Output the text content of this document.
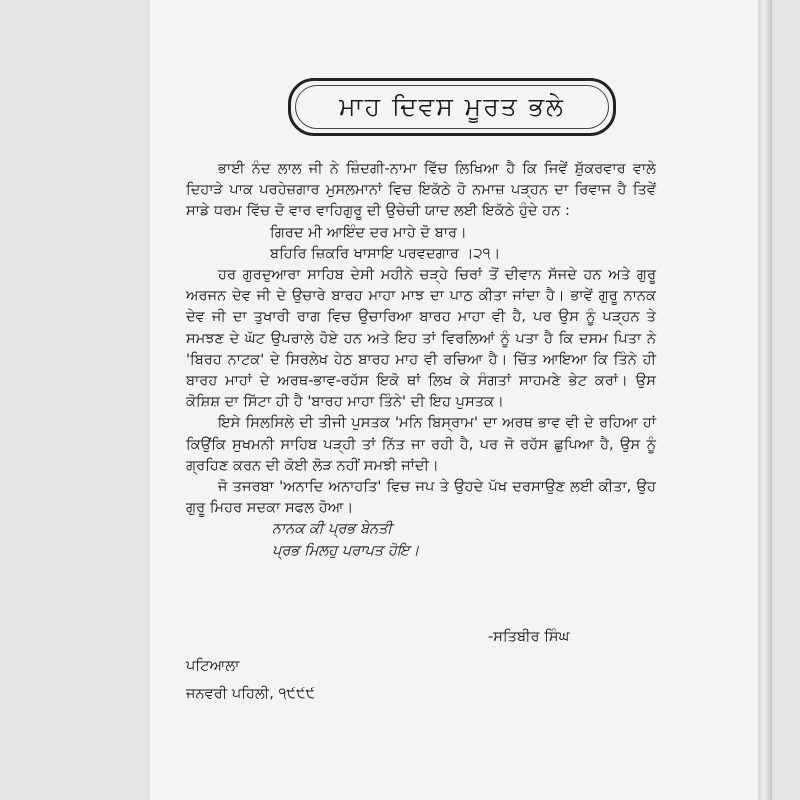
ਮਾਹ ਦਿਵਸ ਮੂਰਤ ਭਲੇ

ਭਾਈ ਨੰਦ ਲਾਲ ਜੀ ਨੇ ਜ਼ਿੰਦਗੀ-ਨਾਮਾ ਵਿੱਚ ਲਿਖਿਆ ਹੈ ਕਿ ਜਿਵੇਂ ਸ਼ੁੱਕਰਵਾਰ ਵਾਲੇ ਦਿਹਾੜੇ ਪਾਕ ਪਰਹੇਜ਼ਗਾਰ ਮੁਸਲਮਾਨਾਂ ਵਿਚ ਇਕੱਠੇ ਹੋ ਨਮਾਜ਼ ਪੜ੍ਹਨ ਦਾ ਰਿਵਾਜ ਹੈ ਤਿਵੇਂ ਸਾਡੇ ਧਰਮ ਵਿੱਚ ਦੋ ਵਾਰ ਵਾਹਿਗੁਰੂ ਦੀ ਉਚੇਚੀ ਯਾਦ ਲਈ ਇਕੱਠੇ ਹੁੰਦੇ ਹਨ :

ਗਿਰਦ ਮੀ ਆਇੰਦ ਦਰ ਮਾਹੇ ਦੋ ਬਾਰ।

ਬਹਿਰਿ ਜ਼ਿਕਰਿ ਖਾਸਾਇ ਪਰਵਦਗਾਰ ।੨੧।

ਹਰ ਗੁਰਦੁਆਰਾ ਸਾਹਿਬ ਦੇਸੀ ਮਹੀਨੇ ਚੜ੍ਹੇ ਚਿਰਾਂ ਤੋਂ ਦੀਵਾਨ ਸੱਜਦੇ ਹਨ ਅਤੇ ਗੁਰੂ ਅਰਜਨ ਦੇਵ ਜੀ ਦੇ ਉਚਾਰੇ ਬਾਰਹ ਮਾਹਾ ਮਾਝ ਦਾ ਪਾਠ ਕੀਤਾ ਜਾਂਦਾ ਹੈ। ਭਾਵੇਂ ਗੁਰੂ ਨਾਨਕ ਦੇਵ ਜੀ ਦਾ ਤੁਖਾਰੀ ਰਾਗ ਵਿਚ ਉਚਾਰਿਆ ਬਾਰਹ ਮਾਹਾ ਵੀ ਹੈ, ਪਰ ਉਸ ਨੂੰ ਪੜ੍ਹਨ ਤੇ ਸਮਝਣ ਦੇ ਘੱਟ ਉਪਰਾਲੇ ਹੋਏ ਹਨ ਅਤੇ ਇਹ ਤਾਂ ਵਿਰਲਿਆਂ ਨੂੰ ਪਤਾ ਹੈ ਕਿ ਦਸਮ ਪਿਤਾ ਨੇ 'ਬਿਰਹ ਨਾਟਕ' ਦੇ ਸਿਰਲੇਖ ਹੇਠ ਬਾਰਹ ਮਾਹ ਵੀ ਰਚਿਆ ਹੈ। ਚਿੱਤ ਆਇਆ ਕਿ ਤਿੰਨੇ ਹੀ ਬਾਰਹ ਮਾਹਾਂ ਦੇ ਅਰਥ-ਭਾਵ-ਰਹੱਸ ਇਕੋ ਥਾਂ ਲਿਖ ਕੇ ਸੰਗਤਾਂ ਸਾਹਮਣੇ ਭੇਟ ਕਰਾਂ। ਉਸ ਕੋਸ਼ਿਸ਼ ਦਾ ਸਿੱਟਾ ਹੀ ਹੈ 'ਬਾਰਹ ਮਾਹਾ ਤਿੰਨੇ' ਦੀ ਇਹ ਪੁਸਤਕ।

ਇਸੇ ਸਿਲਸਿਲੇ ਦੀ ਤੀਜੀ ਪੁਸਤਕ 'ਮਨਿ ਬਿਸ੍ਰਾਮ' ਦਾ ਅਰਥ ਭਾਵ ਵੀ ਦੇ ਰਹਿਆ ਹਾਂ ਕਿਉਂਕਿ ਸੁਖਮਨੀ ਸਾਹਿਬ ਪੜ੍ਹੀ ਤਾਂ ਨਿੱਤ ਜਾ ਰਹੀ ਹੈ, ਪਰ ਜੋ ਰਹੱਸ ਛੁਪਿਆ ਹੈ, ਉਸ ਨੂੰ ਗ੍ਰਹਿਣ ਕਰਨ ਦੀ ਕੋਈ ਲੋੜ ਨਹੀਂ ਸਮਝੀ ਜਾਂਦੀ।

ਜੋ ਤਜਰਬਾ 'ਅਨਾਦਿ ਅਨਾਹਤਿ' ਵਿਚ ਜਪ ਤੇ ਉਹਦੇ ਪੱਖ ਦਰਸਾਉਣ ਲਈ ਕੀਤਾ, ਉਹ ਗੁਰੂ ਮਿਹਰ ਸਦਕਾ ਸਫਲ ਹੋਆ।

ਨਾਨਕ ਕੀ ਪ੍ਰਭ ਬੇਨਤੀ

ਪ੍ਰਭ ਮਿਲਹੁ ਪਰਾਪਤ ਹੋਇ।

-ਸਤਿਬੀਰ ਸਿੰਘ
ਪਟਿਆਲਾ
ਜਨਵਰੀ ਪਹਿਲੀ, ੧੯੯੯
